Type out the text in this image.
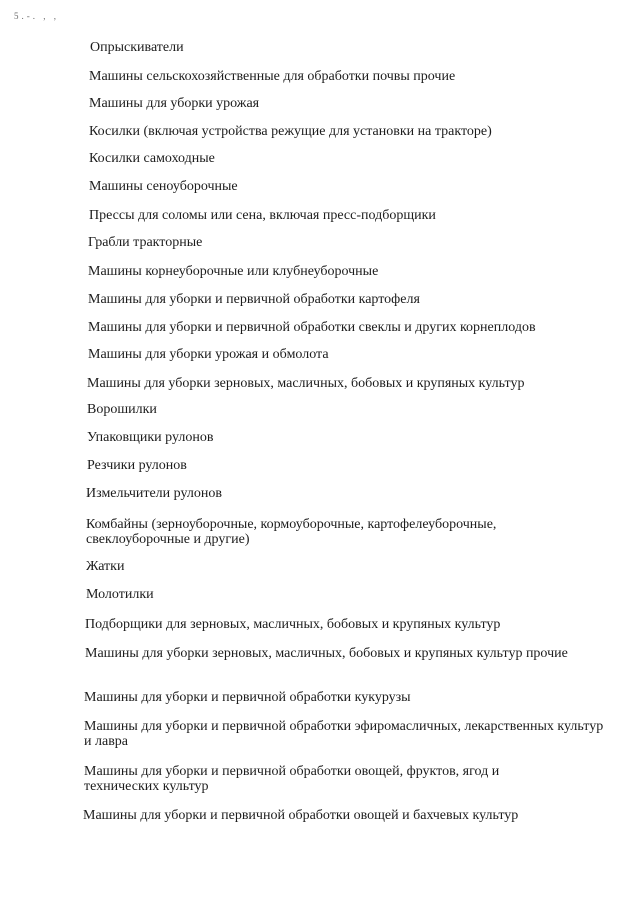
5.-. , ,

Опрыскиватели

Машины сельскохозяйственные для обработки почвы прочие

Машины для уборки урожая

Косилки (включая устройства режущие для установки на тракторе)

Косилки самоходные

Машины сеноуборочные

Прессы для соломы или сена, включая пресс-подборщики

Грабли тракторные

Машины корнеуборочные или клубнеуборочные

Машины для уборки и первичной обработки картофеля

Машины для уборки и первичной обработки свеклы и других корнеплодов

Машины для уборки урожая и обмолота

Машины для уборки зерновых, масличных, бобовых и крупяных культур

Ворошилки

Упаковщики рулонов

Резчики рулонов

Измельчители рулонов

Комбайны (зерноуборочные, кормоуборочные, картофелеуборочные, свеклоуборочные и другие)

Жатки

Молотилки

Подборщики для зерновых, масличных, бобовых и крупяных культур

Машины для уборки зерновых, масличных, бобовых и крупяных культур прочие

Машины для уборки и первичной обработки кукурузы

Машины для уборки и первичной обработки эфиромасличных, лекарственных культур и лавра

Машины для уборки и первичной обработки овощей, фруктов, ягод и технических культур

Машины для уборки и первичной обработки овощей и бахчевых культур
